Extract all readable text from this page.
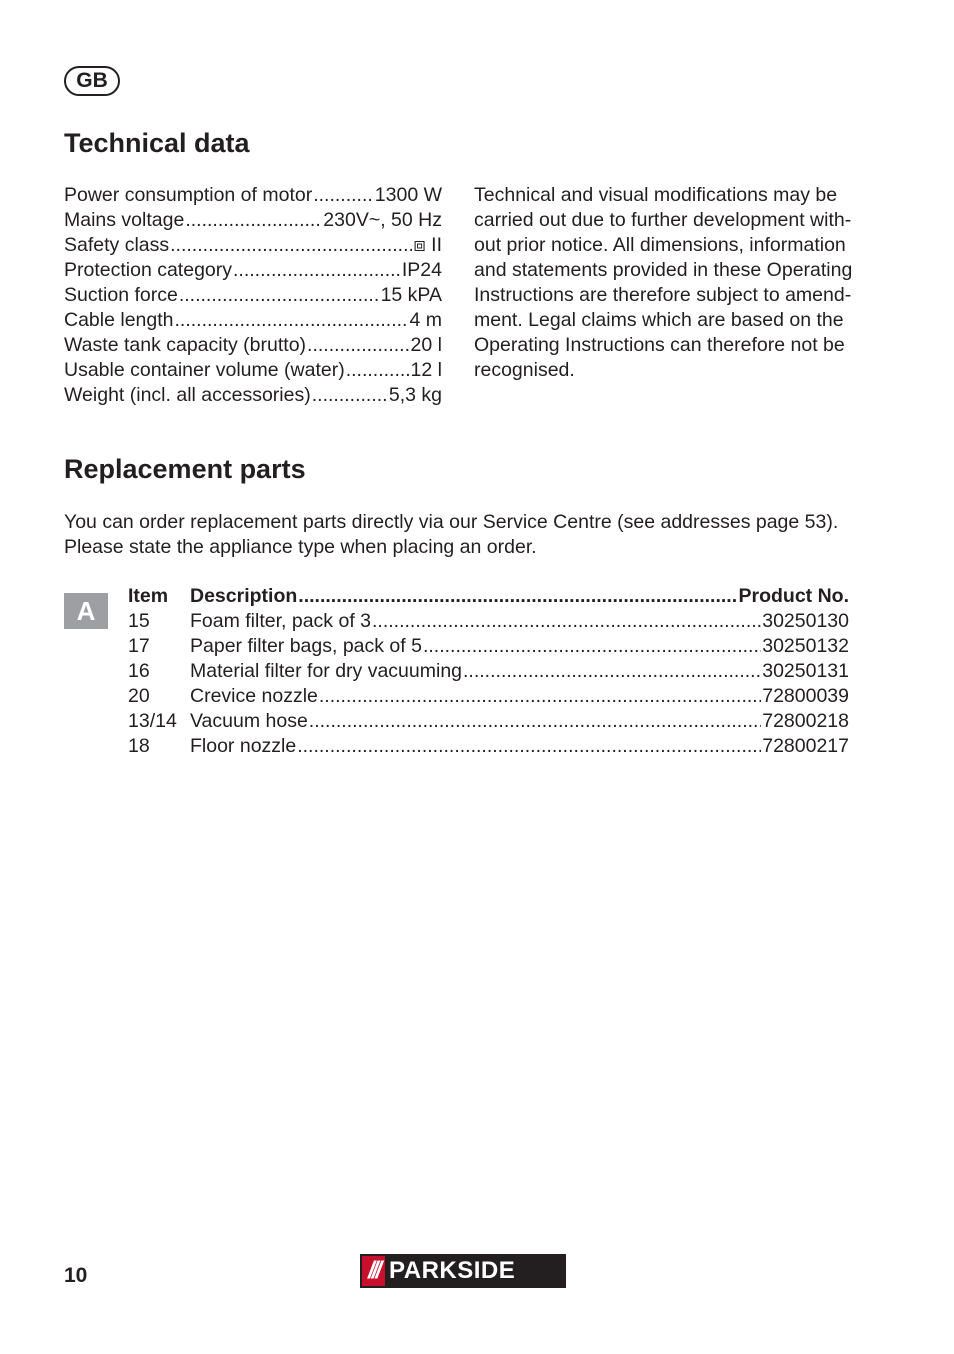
GB
Technical data
Power consumption of motor .....	1300 W
Mains voltage .....	230V~, 50 Hz
Safety class .....	⧈ II
Protection category .....	IP24
Suction force .....	15 kPA
Cable length .....	4 m
Waste tank capacity (brutto) .....	20 l
Usable container volume (water) .....	12 l
Weight (incl. all accessories) .....	5,3 kg

Technical and visual modifications may be carried out due to further development with-out prior notice. All dimensions, information and statements provided in these Operating Instructions are therefore subject to amend-ment. Legal claims which are based on the Operating Instructions can therefore not be recognised.

Replacement parts

You can order replacement parts directly via our Service Centre (see addresses page 53). Please state the appliance type when placing an order.

A	Item	Description .....	Product No.
15	Foam filter, pack of 3 .....	30250130
17	Paper filter bags, pack of 5 .....	30250132
16	Material filter for dry vacuuming .....	30250131
20	Crevice nozzle .....	72800039
13/14 Vacuum hose .....	72800218
18	Floor nozzle .....	72800217
10	/// PARKSIDE
